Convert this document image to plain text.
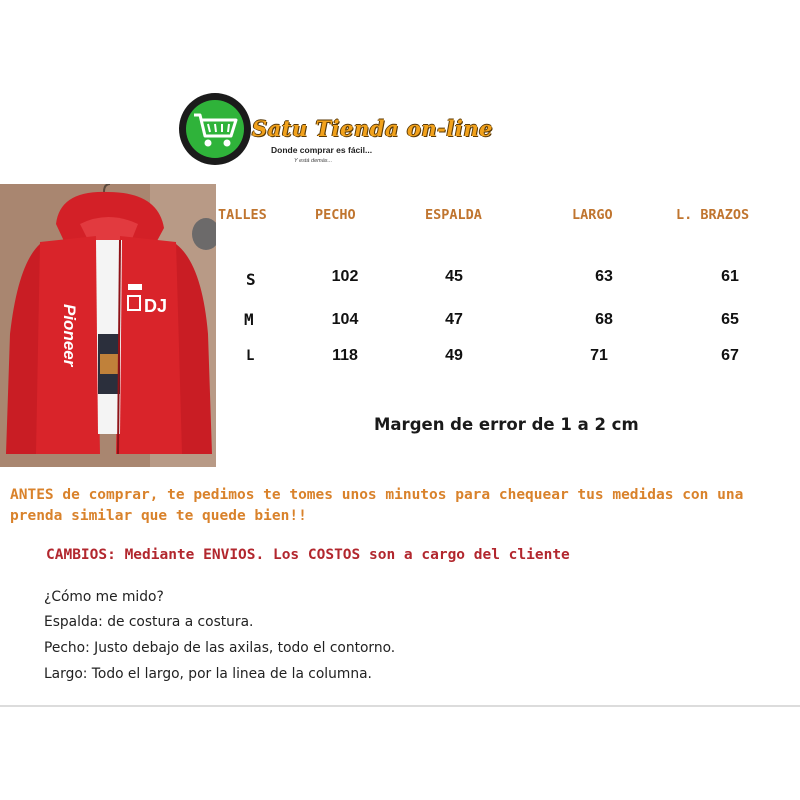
Satu Tienda on-line
Donde comprar es fácil...
Y está demás...
Pioneer	DJ
TALLES	PECHO	ESPALDA	LARGO	L. BRAZOS
S	102	45	63	61
M	104	47	68	65
L	118	49	71	67
Margen de error de 1 a 2 cm
ANTES de comprar, te pedimos te tomes unos minutos para chequear tus medidas con una prenda similar que te quede bien!!
CAMBIOS: Mediante ENVIOS. Los COSTOS son a cargo del cliente
¿Cómo me mido?
Espalda: de costura a costura.
Pecho: Justo debajo de las axilas, todo el contorno.
Largo: Todo el largo, por la linea de la columna.
